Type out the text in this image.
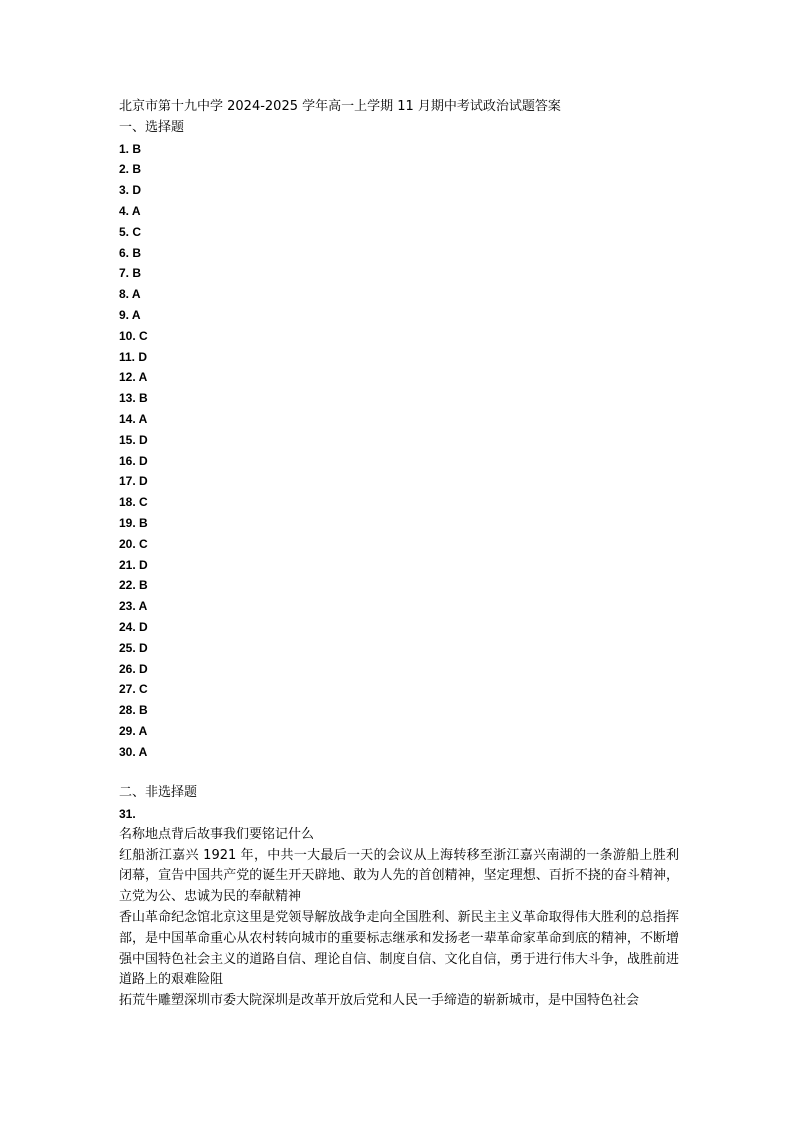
北京市第十九中学 2024-2025 学年高一上学期 11 月期中考试政治试题答案
一、选择题
1. B
2. B
3. D
4. A
5. C
6. B
7. B
8. A
9. A
10. C
11. D
12. A
13. B
14. A
15. D
16. D
17. D
18. C
19. B
20. C
21. D
22. B
23. A
24. D
25. D
26. D
27. C
28. B
29. A
30. A
二、非选择题
31.
名称地点背后故事我们要铭记什么
红船浙江嘉兴 1921 年，中共一大最后一天的会议从上海转移至浙江嘉兴南湖的一条游船上胜利闭幕，宣告中国共产党的诞生开天辟地、敢为人先的首创精神，坚定理想、百折不挠的奋斗精神，立党为公、忠诚为民的奉献精神
香山革命纪念馆北京这里是党领导解放战争走向全国胜利、新民主主义革命取得伟大胜利的总指挥部，是中国革命重心从农村转向城市的重要标志继承和发扬老一辈革命家革命到底的精神，不断增强中国特色社会主义的道路自信、理论自信、制度自信、文化自信，勇于进行伟大斗争，战胜前进道路上的艰难险阻
拓荒牛雕塑深圳市委大院深圳是改革开放后党和人民一手缔造的崭新城市，是中国特色社会
